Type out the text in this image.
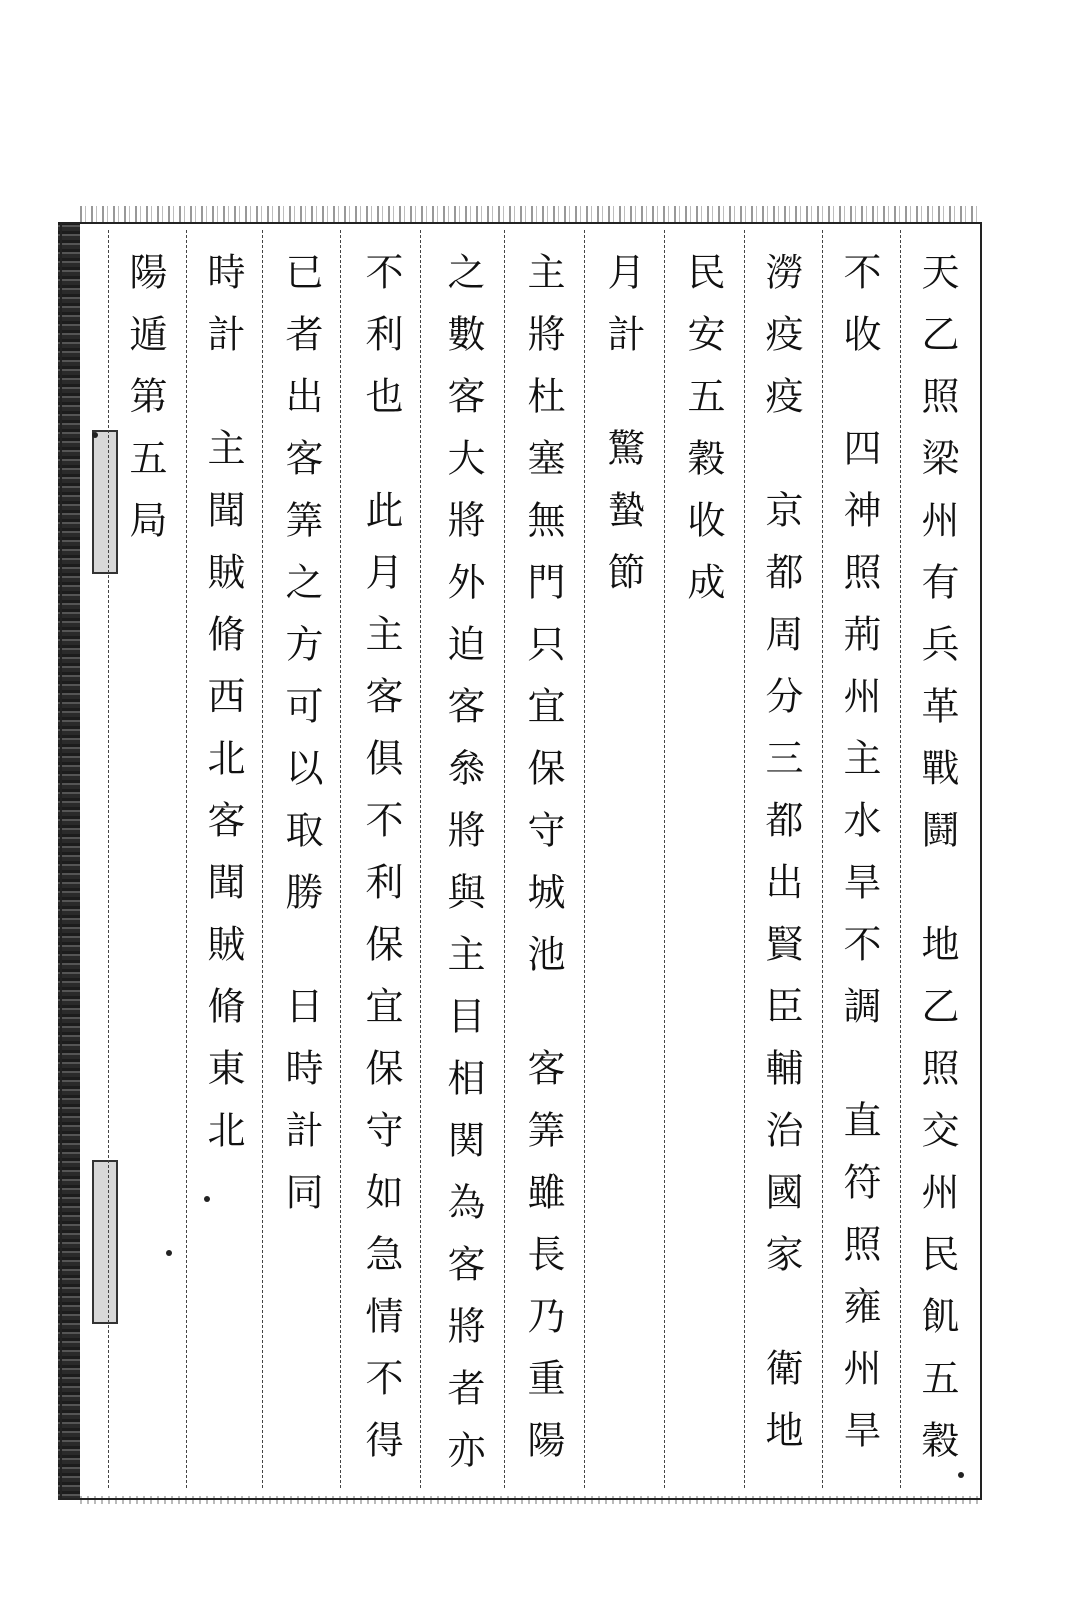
天乙照梁州有兵革戰鬪地乙照交州民飢五穀
不收四神照荊州主水旱不調直符照雍州旱
澇疫疫京都周分三都出賢臣輔治國家衛地
民安五穀收成
月計驚蟄節
主將杜塞無門只宜保守城池客筭雖長乃重陽
之數客大將外迫客叅將與主目相関為客將者亦
不利也此月主客俱不利保宜保守如急情不得
已者出客筭之方可以取勝日時計同
時計主聞賊脩西北客聞賊脩東北
陽遁第五局
